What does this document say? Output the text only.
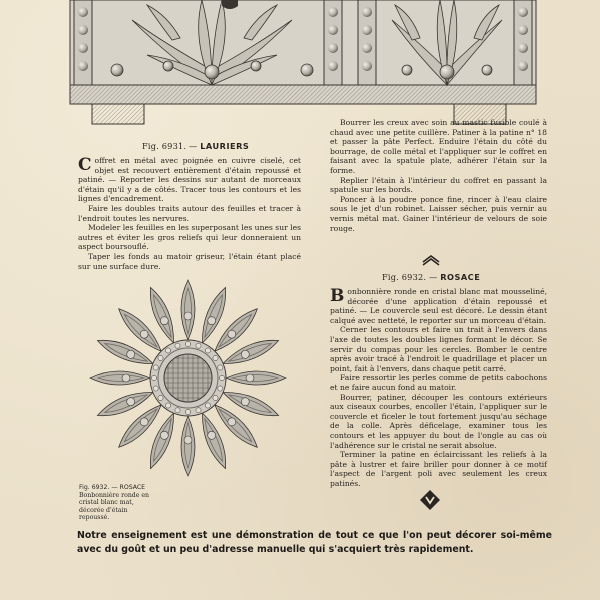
Fig. 6931. — LAURIERS

Coffret en métal avec poignée en cuivre ciselé, cet objet est recouvert entièrement d'étain repoussé et patiné. — Reporter les dessins sur autant de morceaux d'étain qu'il y a de côtés. Tracer tous les contours et les lignes d'encadrement.

Faire les doubles traits autour des feuilles et tracer à l'endroit toutes les nervures.

Modeler les feuilles en les superposant les unes sur les autres et éviter les gros reliefs qui leur donneraient un aspect boursouflé.

Taper les fonds au matoir griseur, l'étain étant placé sur une surface dure.

Bourrer les creux avec soin au mastic fusible coulé à chaud avec une petite cuillère. Patiner à la patine n° 18 et passer la pâte Perfect. Enduire l'étain du côté du bourrage, de colle métal et l'appliquer sur le coffret en faisant avec la spatule plate, adhérer l'étain sur la forme.

Replier l'étain à l'intérieur du coffret en passant la spatule sur les bords.

Poncer à la poudre ponce fine, rincer à l'eau claire sous le jet d'un robinet. Laisser sécher, puis vernir au vernis métal mat. Gainer l'intérieur de velours de soie rouge.

Fig. 6932. — ROSACE

Bonbonnière ronde en cristal blanc mat mousseliné, décorée d'une application d'étain repoussé et patiné. — Le couvercle seul est décoré. Le dessin étant calqué avec netteté, le reporter sur un morceau d'étain.

Cerner les contours et faire un trait à l'envers dans l'axe de toutes les doubles lignes formant le décor. Se servir du compas pour les cercles. Bomber le centre après avoir tracé à l'endroit le quadrillage et placer un point, fait à l'envers, dans chaque petit carré.

Faire ressortir les perles comme de petits cabochons et ne faire aucun fond au matoir.

Bourrer, patiner, découper les contours extérieurs aux ciseaux courbes, encoller l'étain, l'appliquer sur le couvercle et ficeler le tout fortement jusqu'au séchage de la colle. Après déficelage, examiner tous les contours et les appuyer du bout de l'ongle au cas où l'adhérence sur le cristal ne serait absolue.

Terminer la patine en éclaircissant les reliefs à la pâte à lustrer et faire briller pour donner à ce motif l'aspect de l'argent poli avec seulement les creux patinés.

Fig. 6932. — ROSACE
Bonbonnière ronde en cristal blanc mat, décorée d'étain repoussé.
Notre enseignement est une démonstration de tout ce que l'on peut décorer soi-même avec du goût et un peu d'adresse manuelle qui s'acquiert très rapidement.
